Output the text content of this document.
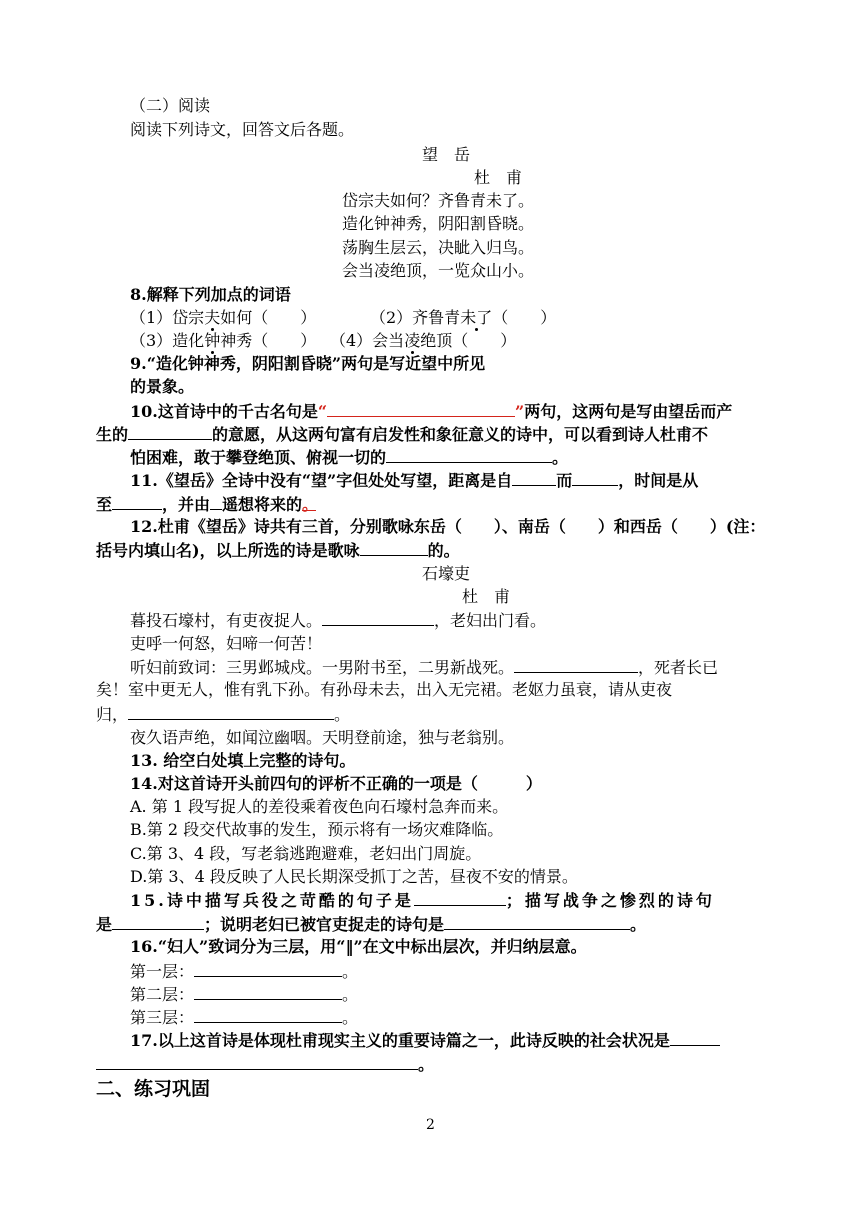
（二）阅读
阅读下列诗文，回答文后各题。
望　岳
杜　甫
岱宗夫如何？齐鲁青未了。
造化钟神秀，阴阳割昏晓。
荡胸生层云，决眦入归鸟。
会当凌绝顶，一览众山小。
8.解释下列加点的词语
（1）岱宗夫如何（　　）	（2）齐鲁青未了（　　）
（3）造化钟神秀（　　） （4）会当凌绝顶（　　）
9.“造化钟神秀，阴阳割昏晓”两句是写近望中所见
的景象。
10.这首诗中的千古名句是“	”两句，这两句是写由望岳而产
生的	的意愿，从这两句富有启发性和象征意义的诗中，可以看到诗人杜甫不
怕困难，敢于攀登绝顶、俯视一切的	。
11.《望岳》全诗中没有“望”字但处处写望，距离是自	而	，时间是从
至	，并由 遥想将来的。
12.杜甫《望岳》诗共有三首，分别歌咏东岳（　　）、南岳（　　）和西岳（　　）(注：
括号内填山名)，以上所选的诗是歌咏	的。
石壕吏
杜　甫
暮投石壕村，有吏夜捉人。	，老妇出门看。
吏呼一何怒，妇啼一何苦！
听妇前致词：三男邺城戍。一男附书至，二男新战死。	，死者长已
矣！室中更无人，惟有乳下孙。有孙母未去，出入无完裙。老妪力虽衰，请从吏夜
归，	。
夜久语声绝，如闻泣幽咽。天明登前途，独与老翁别。
13. 给空白处填上完整的诗句。
14.对这首诗开头前四句的评析不正确的一项是（　　　）
A. 第 1 段写捉人的差役乘着夜色向石壕村急奔而来。
B.第 2 段交代故事的发生，预示将有一场灾难降临。
C.第 3、4 段，写老翁逃跑避难，老妇出门周旋。
D.第 3、4 段反映了人民长期深受抓丁之苦，昼夜不安的情景。
15.诗中描写兵役之苛酷的句子是	；描写战争之惨烈的诗句
是	；说明老妇已被官吏捉走的诗句是	。
16.“妇人”致词分为三层，用“‖”在文中标出层次，并归纳层意。
第一层：	。
第二层：	。
第三层：	。
17.以上这首诗是体现杜甫现实主义的重要诗篇之一，此诗反映的社会状况是
。
二、练习巩固
2
